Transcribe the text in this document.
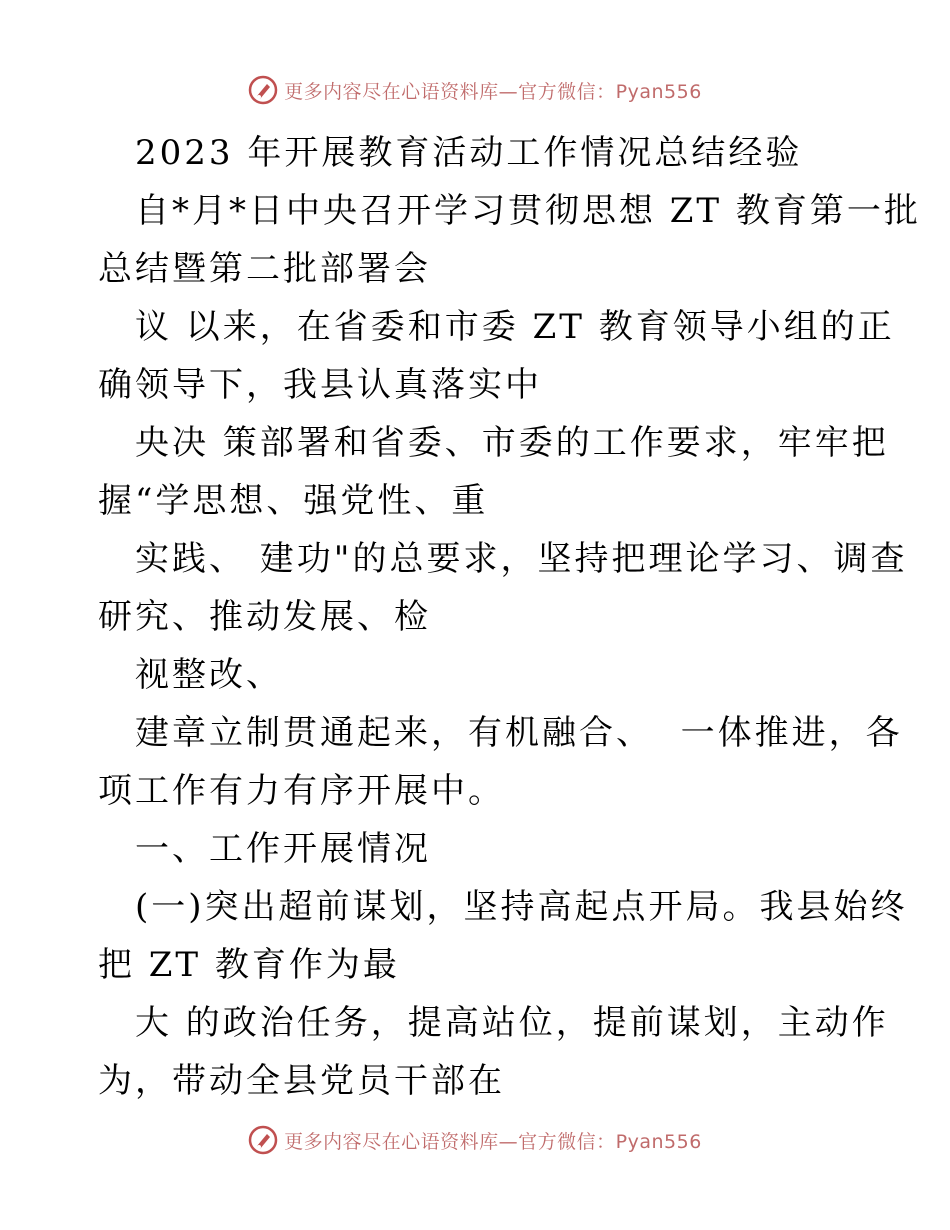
更多内容尽在心语资料库—官方微信：Pyan556
2023 年开展教育活动工作情况总结经验
自*月*日中央召开学习贯彻思想 ZT 教育第一批
总结暨第二批部署会
议 以来，在省委和市委 ZT 教育领导小组的正
确领导下，我县认真落实中
央决 策部署和省委、市委的工作要求，牢牢把
握“学思想、强党性、重
实践、 建功"的总要求，坚持把理论学习、调查
研究、推动发展、检
视整改、
建章立制贯通起来，有机融合、  一体推进，各
项工作有力有序开展中。
一、工作开展情况
(一)突出超前谋划，坚持高起点开局。我县始终
把 ZT 教育作为最
大 的政治任务，提高站位，提前谋划，主动作
为，带动全县党员干部在
更多内容尽在心语资料库—官方微信：Pyan556
